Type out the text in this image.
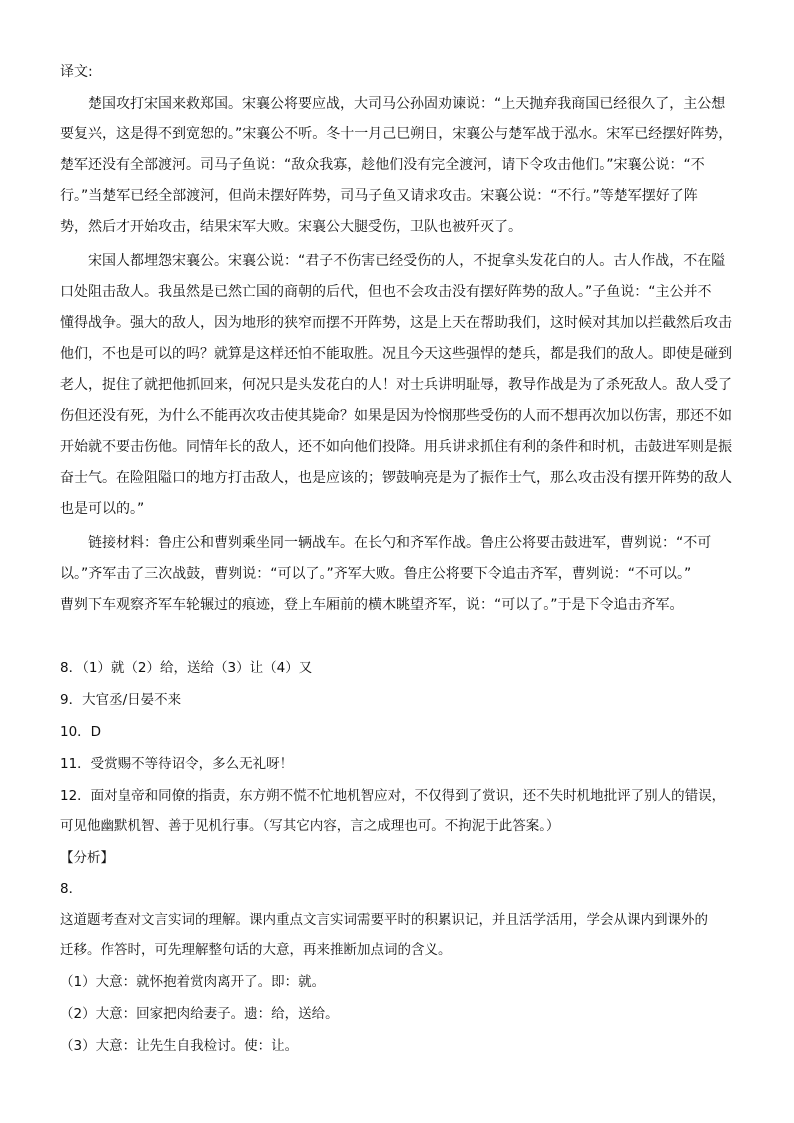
译文:
楚国攻打宋国来救郑国。宋襄公将要应战，大司马公孙固劝谏说：“上天抛弃我商国已经很久了，主公想
要复兴，这是得不到宽恕的。”宋襄公不听。冬十一月己巳朔日，宋襄公与楚军战于泓水。宋军已经摆好阵势，
楚军还没有全部渡河。司马子鱼说：“敌众我寡，趁他们没有完全渡河，请下令攻击他们。”宋襄公说：“不
行。”当楚军已经全部渡河，但尚未摆好阵势，司马子鱼又请求攻击。宋襄公说：“不行。”等楚军摆好了阵
势，然后才开始攻击，结果宋军大败。宋襄公大腿受伤，卫队也被歼灭了。
宋国人都埋怨宋襄公。宋襄公说：“君子不伤害已经受伤的人，不捉拿头发花白的人。古人作战，不在隘
口处阻击敌人。我虽然是已然亡国的商朝的后代，但也不会攻击没有摆好阵势的敌人。”子鱼说：“主公并不
懂得战争。强大的敌人，因为地形的狭窄而摆不开阵势，这是上天在帮助我们，这时候对其加以拦截然后攻击
他们，不也是可以的吗？就算是这样还怕不能取胜。况且今天这些强悍的楚兵，都是我们的敌人。即使是碰到
老人，捉住了就把他抓回来，何况只是头发花白的人！对士兵讲明耻辱，教导作战是为了杀死敌人。敌人受了
伤但还没有死，为什么不能再次攻击使其毙命？如果是因为怜悯那些受伤的人而不想再次加以伤害，那还不如
开始就不要击伤他。同情年长的敌人，还不如向他们投降。用兵讲求抓住有利的条件和时机，击鼓进军则是振
奋士气。在险阻隘口的地方打击敌人，也是应该的；锣鼓响亮是为了振作士气，那么攻击没有摆开阵势的敌人
也是可以的。”
链接材料：鲁庄公和曹刿乘坐同一辆战车。在长勺和齐军作战。鲁庄公将要击鼓进军，曹刿说：“不可
以。”齐军击了三次战鼓，曹刿说：“可以了。”齐军大败。鲁庄公将要下令追击齐军，曹刿说：“不可以。”
曹刿下车观察齐军车轮辗过的痕迹，登上车厢前的横木眺望齐军，说：“可以了。”于是下令追击齐军。
8．（1）就（2）给，送给（3）让（4）又
9．大官丞/日晏不来
10．D
11．受赏赐不等待诏令，多么无礼呀！
12．面对皇帝和同僚的指责，东方朔不慌不忙地机智应对，不仅得到了赏识，还不失时机地批评了别人的错误，
可见他幽默机智、善于见机行事。（写其它内容，言之成理也可。不拘泥于此答案。）
【分析】
8．
这道题考查对文言实词的理解。课内重点文言实词需要平时的积累识记，并且活学活用，学会从课内到课外的
迁移。作答时，可先理解整句话的大意，再来推断加点词的含义。
（1）大意：就怀抱着赏肉离开了。即：就。
（2）大意：回家把肉给妻子。遗：给，送给。
（3）大意：让先生自我检讨。使：让。
